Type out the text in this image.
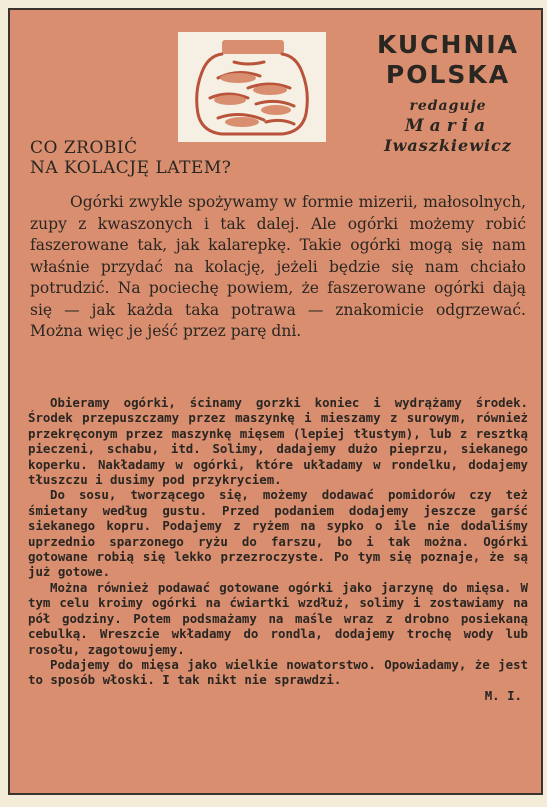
KUCHNIA
POLSKA
redaguje
Maria
Iwaszkiewicz
CO ZROBIĆ
NA KOLACJĘ LATEM?

Ogórki zwykle spożywamy w formie mizerii, małosolnych, zupy z kwaszonych i tak dalej. Ale ogórki możemy robić faszerowane tak, jak kalarepkę. Takie ogórki mogą się nam właśnie przydać na kolację, jeżeli będzie się nam chciało potrudzić. Na pociechę powiem, że faszerowane ogórki dają się — jak każda taka potrawa — znakomicie odgrzewać. Można więc je jeść przez parę dni.

Obieramy ogórki, ścinamy gorzki koniec i wydrążamy środek. Środek przepuszczamy przez maszynkę i mieszamy z surowym, również przekręconym przez maszynkę mięsem (lepiej tłustym), lub z resztką pieczeni, schabu, itd. Solimy, dadajemy dużo pieprzu, siekanego koperku. Nakładamy w ogórki, które układamy w rondelku, dodajemy tłuszczu i dusimy pod przykryciem.

Do sosu, tworzącego się, możemy dodawać pomidorów czy też śmietany według gustu. Przed podaniem dodajemy jeszcze garść siekanego kopru. Podajemy z ryżem na sypko o ile nie dodaliśmy uprzednio sparzonego ryżu do farszu, bo i tak można. Ogórki gotowane robią się lekko przezroczyste. Po tym się poznaje, że są już gotowe.

Można również podawać gotowane ogórki jako jarzynę do mięsa. W tym celu kroimy ogórki na ćwiartki wzdłuż, solimy i zostawiamy na pół godziny. Potem podsmażamy na maśle wraz z drobno posiekaną cebulką. Wreszcie wkładamy do rondla, dodajemy trochę wody lub rosołu, zagotowujemy.

Podajemy do mięsa jako wielkie nowatorstwo. Opowiadamy, że jest to sposób włoski. I tak nikt nie sprawdzi.

M. I.
